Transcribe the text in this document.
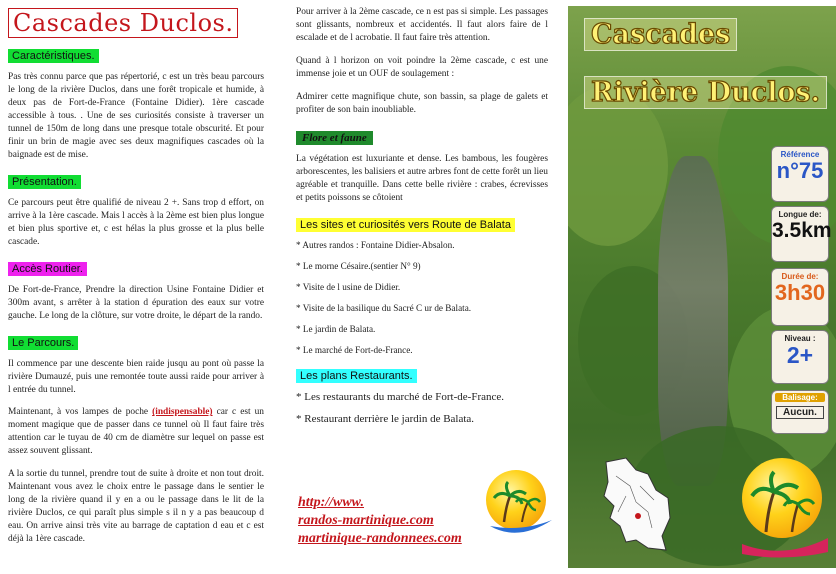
Cascades Duclos.
Caractéristiques.

Pas très connu parce que pas répertorié, c est un très beau parcours le long de la rivière Duclos, dans une forêt tropicale et humide, à deux pas de Fort-de-France (Fontaine Didier). 1ère cascade accessible à tous. . Une de ses curiosités consiste à traverser un tunnel de 150m de long dans une presque totale obscurité. Et pour finir un brin de magie avec ses deux magnifiques cascades où la baignade est de mise.

Présentation.

Ce parcours peut être qualifié de niveau 2 +. Sans trop d effort, on arrive à la 1ère cascade. Mais l accès à la 2ème est bien plus longue et bien plus sportive et, c est hélas la plus grosse et la plus belle cascade.

Accès Routier.

De Fort-de-France, Prendre la direction Usine Fontaine Didier et 300m avant, s arrêter à la station d épuration des eaux sur votre gauche. Le long de la clôture, sur votre droite, le départ de la rando.

Le Parcours.

Il commence par une descente bien raide jusqu au pont où passe la rivière Dumauzé, puis une remontée toute aussi raide pour arriver à l entrée du tunnel.

Maintenant, à vos lampes de poche (indispensable) car c est un moment magique que de passer dans ce tunnel où Il faut faire très attention car le tuyau de 40 cm de diamètre sur lequel on passe est assez souvent glissant.

A la sortie du tunnel, prendre tout de suite à droite et non tout droit. Maintenant vous avez le choix entre le passage dans le sentier le long de la rivière quand il y en a ou le passage dans le lit de la rivière Duclos, ce qui paraît plus simple s il n y a pas beaucoup d eau. On arrive ainsi très vite au barrage de captation d eau et c est déjà la 1ère cascade.

Pour arriver à la 2ème cascade, ce n est pas si simple. Les passages sont glissants, nombreux et accidentés. Il faut alors faire de l escalade et de l acrobatie. Il faut faire très attention.

Quand à l horizon on voit poindre la 2ème cascade, c est une immense joie et un OUF de soulagement :

Admirer cette magnifique chute, son bassin, sa plage de galets et profiter de son bain inoubliable.

Flore et faune

La végétation est luxuriante et dense. Les bambous, les fougères arborescentes, les balisiers et autre arbres font de cette forêt un lieu agréable et tranquille. Dans cette belle rivière : crabes, écrevisses et petits poissons se côtoient

Les sites et curiosités vers Route de Balata
* Autres randos : Fontaine Didier-Absalon.
* Le morne Césaire.(sentier N° 9)
* Visite de l usine de Didier.
* Visite de la basilique du Sacré C ur de Balata.
* Le jardin de Balata.
* Le marché de Fort-de-France.
Les plans Restaurants.
* Les restaurants du marché de Fort-de-France.
* Restaurant derrière le jardin de Balata.
http://www.
randos-martinique.com
martinique-randonnees.com
Cascades
Rivière Duclos.
Référence
n°75
Longue de:
3.5km
Durée de:
3h30
Niveau :
2+
Balisage:
Aucun.
